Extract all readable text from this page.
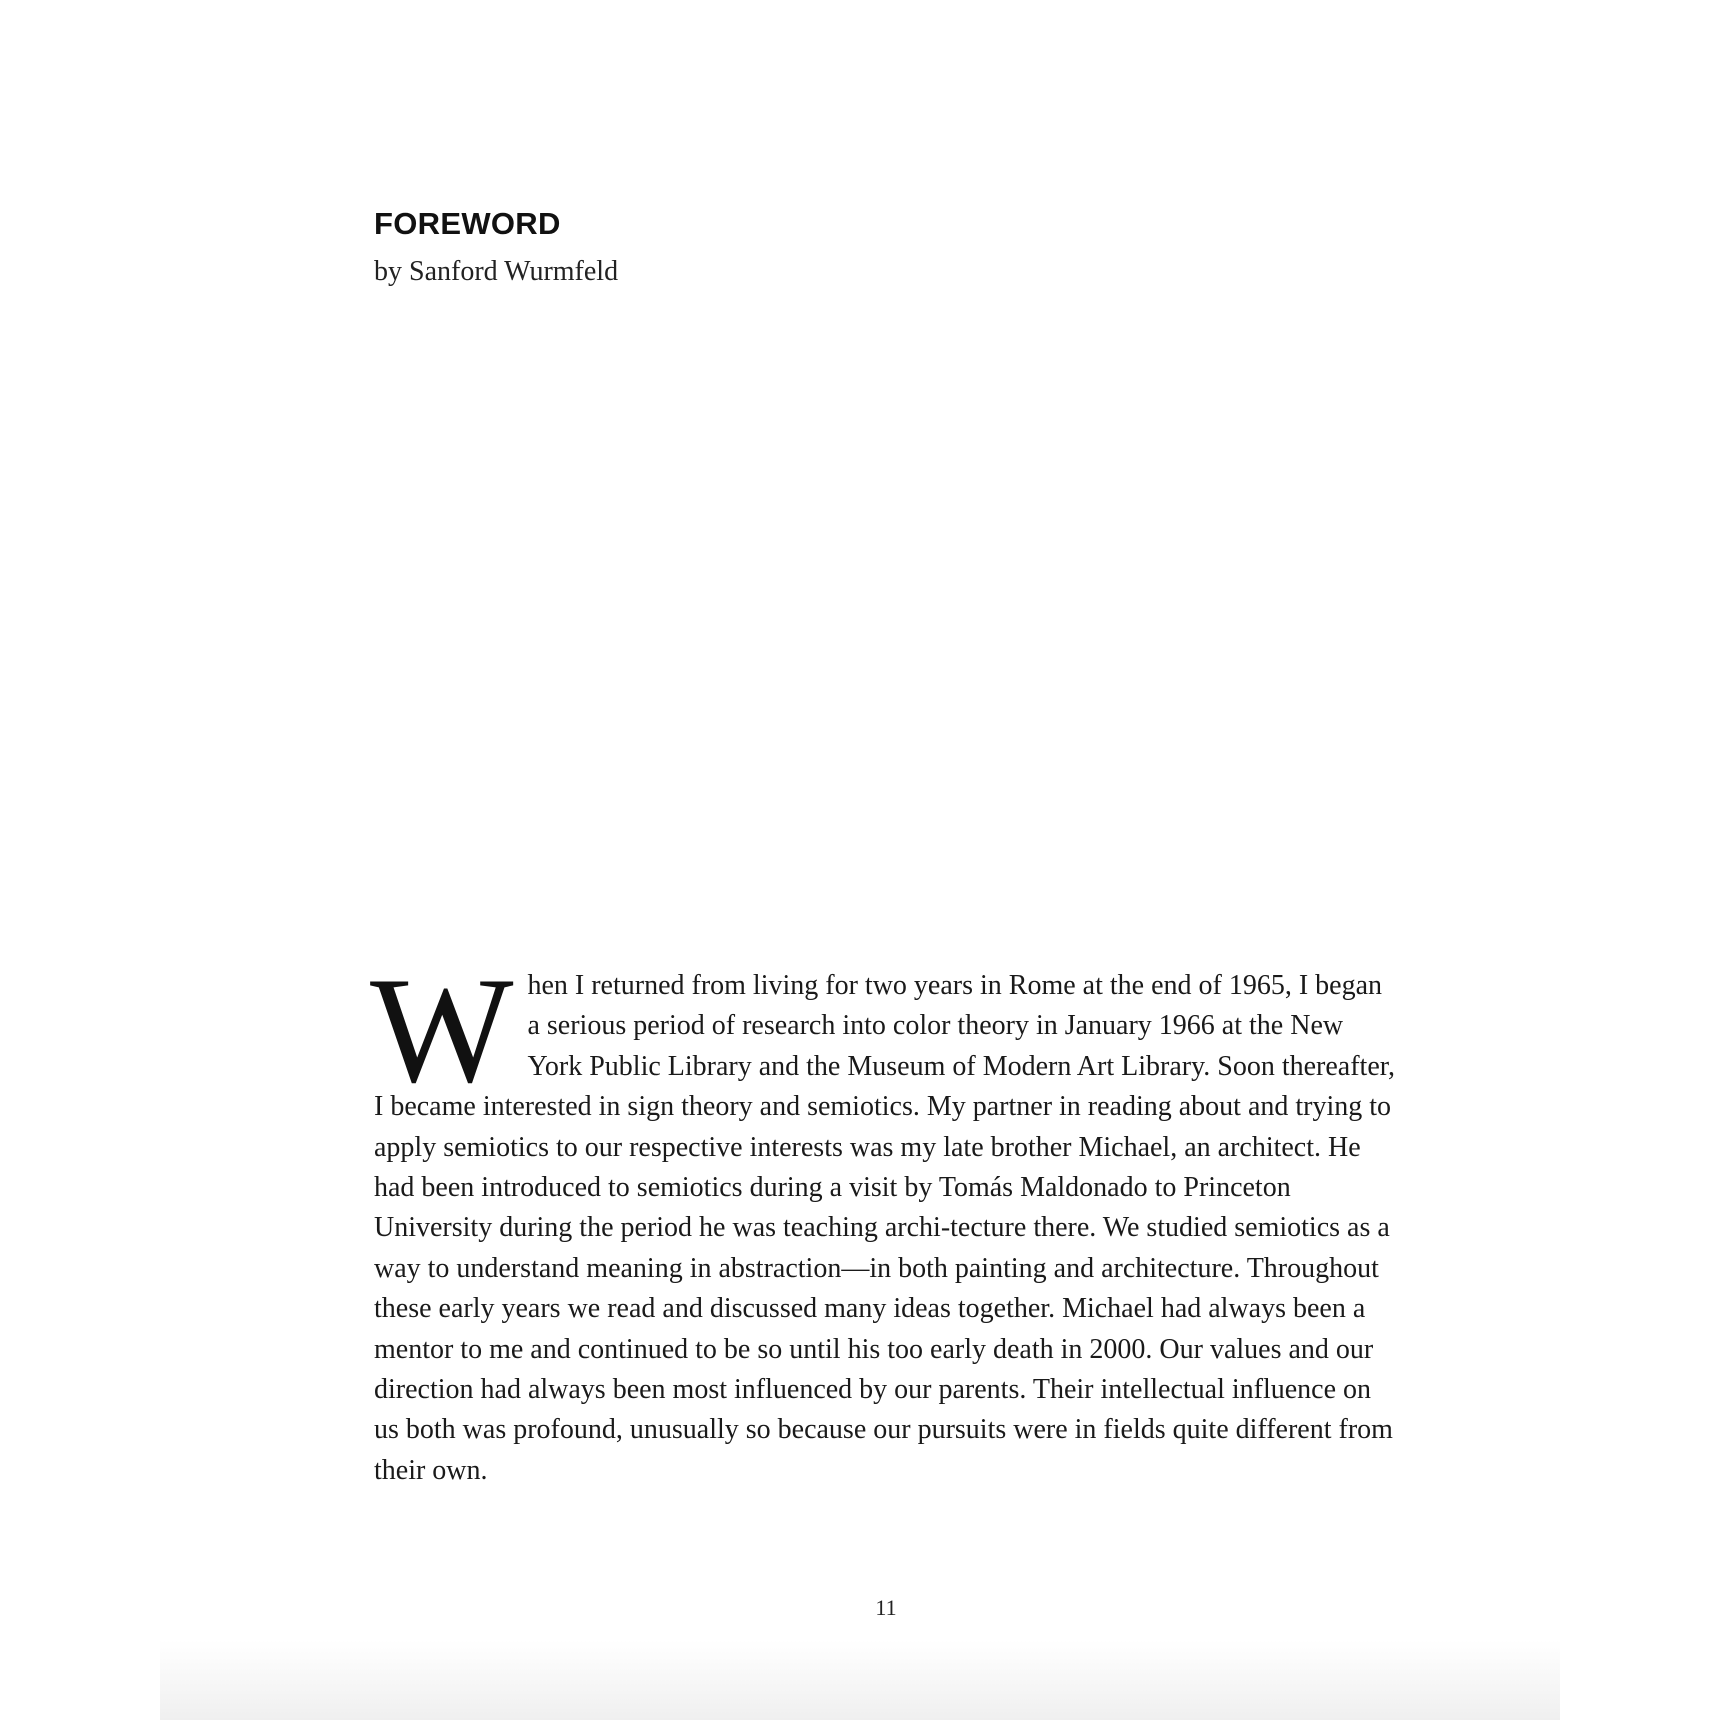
FOREWORD

by Sanford Wurmfeld

When I returned from living for two years in Rome at the end of 1965, I began a serious period of research into color theory in January 1966 at the New York Public Library and the Museum of Modern Art Library. Soon thereafter, I became interested in sign theory and semiotics. My partner in reading about and trying to apply semiotics to our respective interests was my late brother Michael, an architect. He had been introduced to semiotics during a visit by Tomás Maldonado to Princeton University during the period he was teaching archi-tecture there. We studied semiotics as a way to understand meaning in abstraction—in both painting and architecture. Throughout these early years we read and discussed many ideas together. Michael had always been a mentor to me and continued to be so until his too early death in 2000. Our values and our direction had always been most influenced by our parents. Their intellectual influence on us both was profound, unusually so because our pursuits were in fields quite different from their own.

11
